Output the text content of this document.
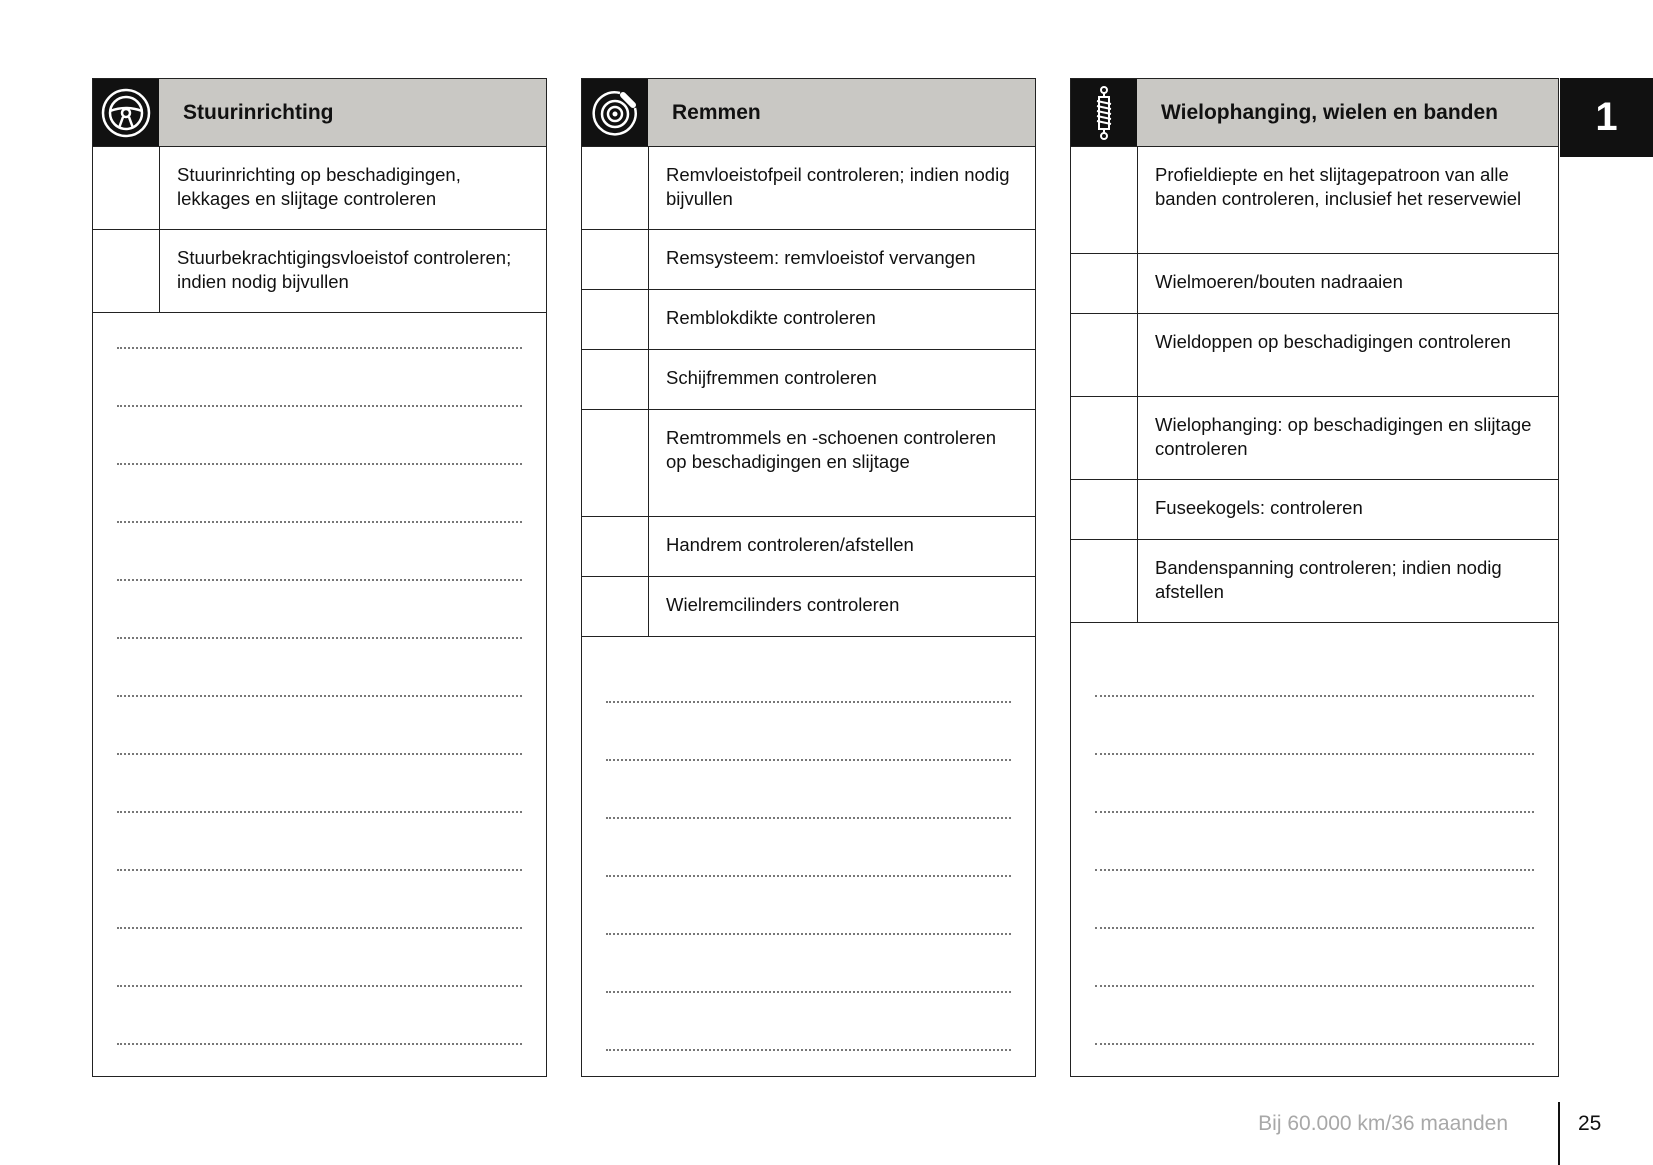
Stuurinrichting
Stuurinrichting op beschadigingen, lekkages en slijtage controleren
Stuurbekrachtigingsvloeistof controleren; indien nodig bijvullen
Remmen
Remvloeistofpeil controleren; indien nodig bijvullen
Remsysteem: remvloeistof vervangen
Remblokdikte controleren
Schijfremmen controleren
Remtrommels en -schoenen controleren op beschadigingen en slijtage
Handrem controleren/afstellen
Wielremcilinders controleren
Wielophanging, wielen en banden
Profieldiepte en het slijtagepatroon van alle banden controleren, inclusief het reservewiel
Wielmoeren/bouten nadraaien
Wieldoppen op beschadigingen controleren
Wielophanging: op beschadigingen en slijtage controleren
Fuseekogels: controleren
Bandenspanning controleren; indien nodig afstellen
1
Bij 60.000 km/36 maanden	25
